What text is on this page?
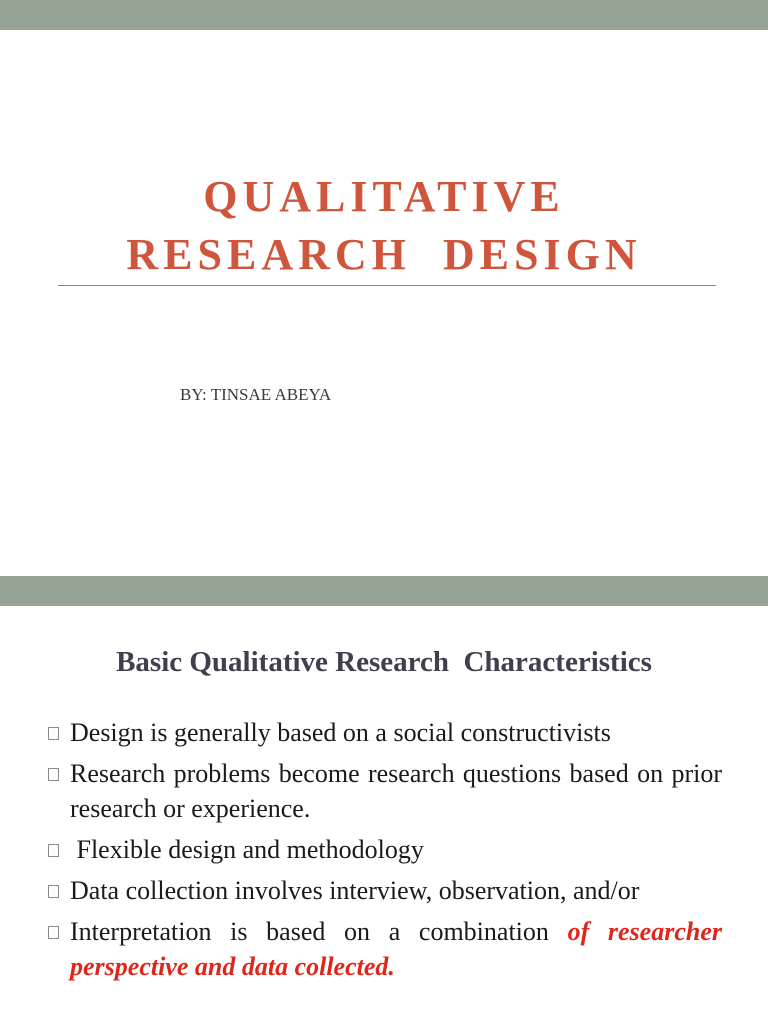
QUALITATIVE
RESEARCH  DESIGN
BY: TINSAE ABEYA
Basic Qualitative Research  Characteristics
Design is generally based on a social constructivists
Research problems become research questions based on prior research or experience.
Flexible design and methodology
Data collection involves interview, observation, and/or
Interpretation is based on a combination of researcher perspective and data collected.
